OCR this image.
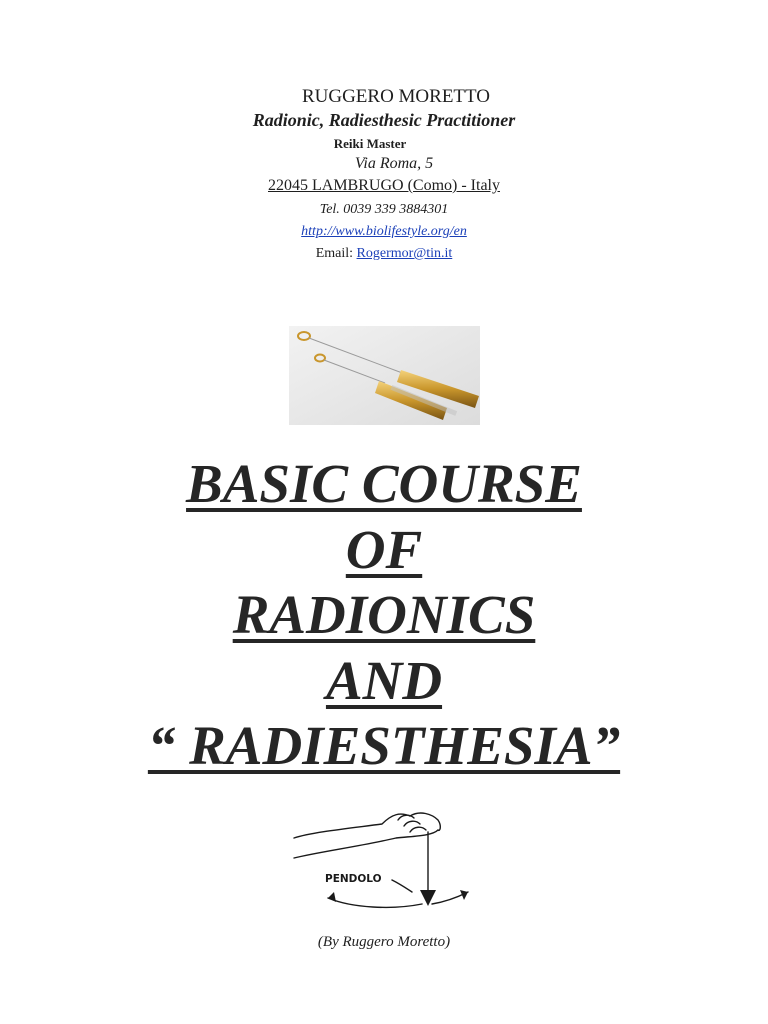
RUGGERO MORETTO
Radionic, Radiesthesic Practitioner
Reiki Master
Via Roma, 5
22045 LAMBRUGO (Como) - Italy
Tel. 0039 339 3884301
http://www.biolifestyle.org/en
Email: Rogermor@tin.it
BASIC COURSE
OF
RADIONICS
AND
“ RADIESTHESIA”
PENDOLO
(By Ruggero Moretto)
